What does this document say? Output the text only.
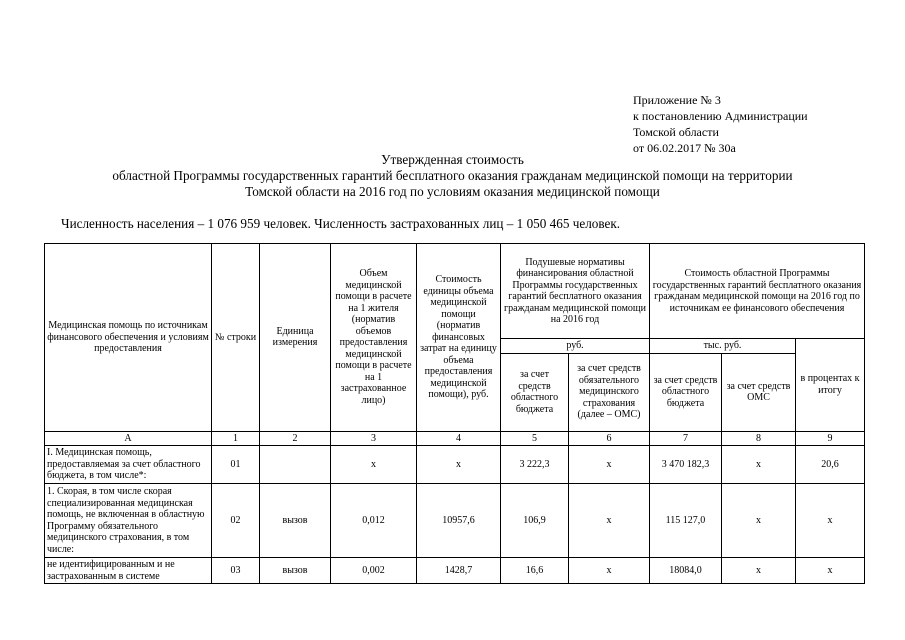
Приложение № 3
к постановлению Администрации
Томской области
от 06.02.2017 № 30а
Утвержденная стоимость
областной Программы государственных гарантий бесплатного оказания гражданам медицинской помощи на территории
Томской области на 2016 год по условиям оказания медицинской помощи
Численность населения – 1 076 959 человек. Численность застрахованных лиц – 1 050 465 человек.
Медицинская помощь по источникам финансового обеспечения и условиям предоставления	№ строки	Единица измерения	Объем медицинской помощи в расчете на 1 жителя (норматив объемов предоставления медицинской помощи в расчете на 1 застрахованное лицо)	Стоимость единицы объема медицинской помощи (норматив финансовых затрат на единицу объема предоставления медицинской помощи), руб.	Подушевые нормативы финансирования областной Программы государственных гарантий бесплатного оказания гражданам медицинской помощи на 2016 год		Стоимость областной Программы государственных гарантий бесплатного оказания гражданам медицинской помощи на 2016 год по источникам ее финансового обеспечения		
					руб.		тыс. руб.		в процентах к итогу
					за счет средств областного бюджета	за счет средств обязательного медицинского страхования (далее – ОМС)	за счет средств областного бюджета	за счет средств ОМС	
А	1	2	3	4	5	6	7	8	9
I. Медицинская помощь, предоставляемая за счет областного бюджета, в том числе*:	01		х	х	3 222,3	х	3 470 182,3	х	20,6
1. Скорая, в том числе скорая специализированная медицинская помощь, не включенная в областную Программу обязательного медицинского страхования, в том числе:	02	вызов	0,012	10957,6	106,9	х	115 127,0	х	х
не идентифицированным и не застрахованным в системе	03	вызов	0,002	1428,7	16,6	х	18084,0	х	х
